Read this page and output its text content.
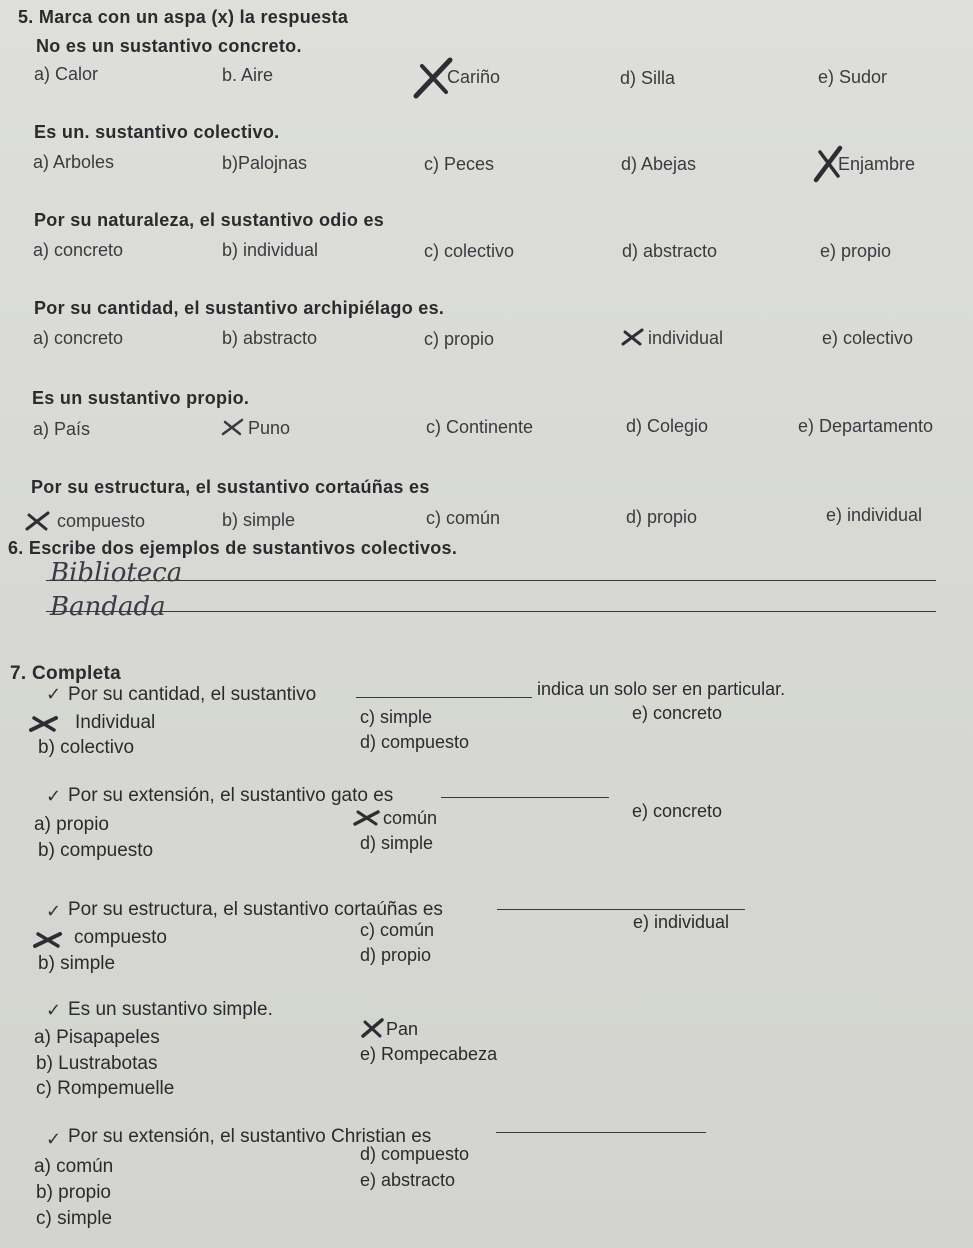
5. Marca con un aspa (x) la respuesta
No es un sustantivo concreto.
a) Calor	b. Aire	Cariño	d) Silla	e) Sudor
Es un. sustantivo colectivo.
a) Arboles	b)Palojnas	c) Peces	d) Abejas	Enjambre
Por su naturaleza, el sustantivo odio es
a) concreto	b) individual	c) colectivo	d) abstracto	e) propio
Por su cantidad, el sustantivo archipiélago es.
a) concreto	b) abstracto	c) propio	individual	e) colectivo
Es un sustantivo propio.
a) País	Puno	c) Continente	d) Colegio	e) Departamento
Por su estructura, el sustantivo cortaúñas es
compuesto	b) simple	c) común	d) propio	e) individual
6. Escribe dos ejemplos de sustantivos colectivos.
Biblioteca
Bandada
7. Completa
✓ Por su cantidad, el sustantivo	indica un solo ser en particular.
Individual
b) colectivo
c) simple
d) compuesto
e) concreto
✓ Por su extensión, el sustantivo gato es
a) propio
b) compuesto
común
d) simple
e) concreto
✓ Por su estructura, el sustantivo cortaúñas es
compuesto
b) simple
c) común
d) propio
e) individual
✓ Es un sustantivo simple.
a) Pisapapeles
b) Lustrabotas
c) Rompemuelle
Pan
e) Rompecabeza
✓ Por su extensión, el sustantivo Christian es
a) común
b) propio
c) simple
d) compuesto
e) abstracto
